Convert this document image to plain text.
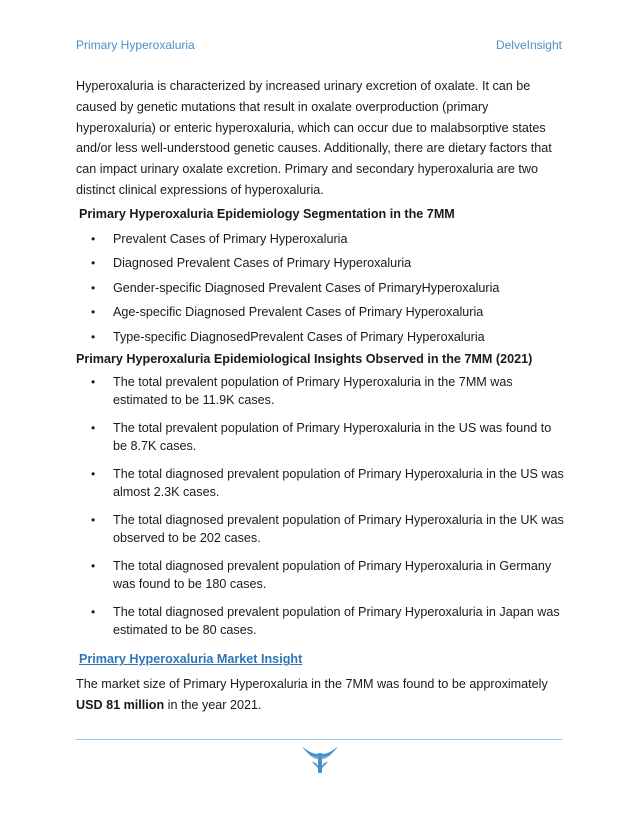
Primary Hyperoxaluria	DelveInsight

Hyperoxaluria is characterized by increased urinary excretion of oxalate. It can be caused by genetic mutations that result in oxalate overproduction (primary hyperoxaluria) or enteric hyperoxaluria, which can occur due to malabsorptive states and/or less well-understood genetic causes. Additionally, there are dietary factors that can impact urinary oxalate excretion. Primary and secondary hyperoxaluria are two distinct clinical expressions of hyperoxaluria.

Primary Hyperoxaluria Epidemiology Segmentation in the 7MM
• Prevalent Cases of Primary Hyperoxaluria
• Diagnosed Prevalent Cases of Primary Hyperoxaluria
• Gender-specific Diagnosed Prevalent Cases of PrimaryHyperoxaluria
• Age-specific Diagnosed Prevalent Cases of Primary Hyperoxaluria
• Type-specific DiagnosedPrevalent Cases of Primary Hyperoxaluria
Primary Hyperoxaluria Epidemiological Insights Observed in the 7MM (2021)
• The total prevalent population of Primary Hyperoxaluria in the 7MM was estimated to be 11.9K cases.
• The total prevalent population of Primary Hyperoxaluria in the US was found to be 8.7K cases.
• The total diagnosed prevalent population of Primary Hyperoxaluria in the US was almost 2.3K cases.
• The total diagnosed prevalent population of Primary Hyperoxaluria in the UK was observed to be 202 cases.
• The total diagnosed prevalent population of Primary Hyperoxaluria in Germany was found to be 180 cases.
• The total diagnosed prevalent population of Primary Hyperoxaluria in Japan was estimated to be 80 cases.
Primary Hyperoxaluria Market Insight

The market size of Primary Hyperoxaluria in the 7MM was found to be approximately USD 81 million in the year 2021.
